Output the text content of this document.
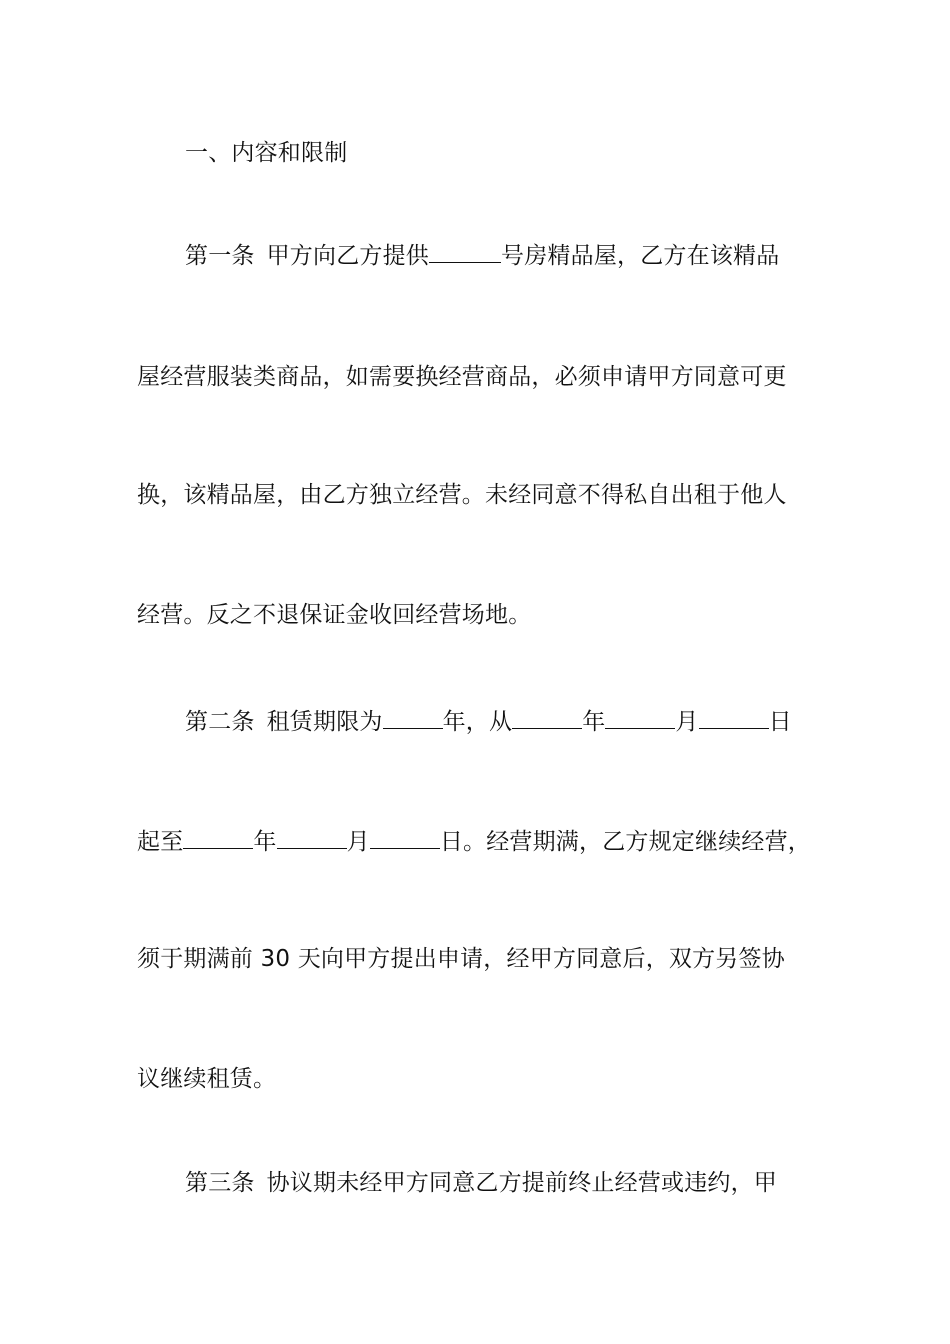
一、内容和限制
第一条 甲方向乙方提供	号房精品屋，乙方在该精品
屋经营服装类商品，如需要换经营商品，必须申请甲方同意可更
换，该精品屋，由乙方独立经营。未经同意不得私自出租于他人
经营。反之不退保证金收回经营场地。
第二条 租赁期限为	年，从	年	月	日
起至	年	月	日。经营期满，乙方规定继续经营，
须于期满前 30 天向甲方提出申请，经甲方同意后，双方另签协
议继续租赁。
第三条 协议期未经甲方同意乙方提前终止经营或违约，甲
